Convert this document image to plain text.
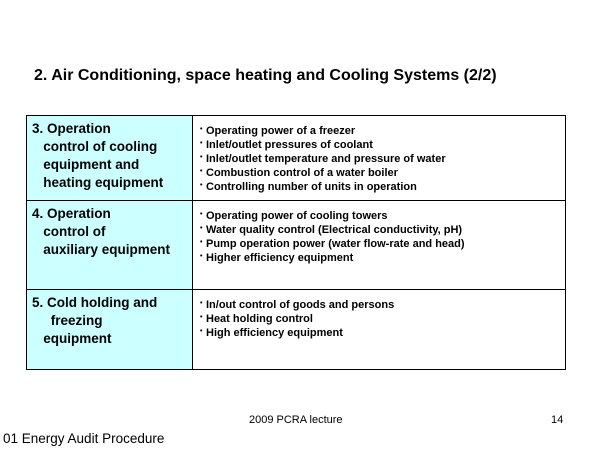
2. Air Conditioning, space heating and Cooling Systems (2/2)
3. Operation
control of cooling
equipment and
heating equipment
• Operating power of a freezer
• Inlet/outlet pressures of coolant
• Inlet/outlet temperature and pressure of water
• Combustion control of a water boiler
• Controlling number of units in operation
4. Operation
control of
auxiliary equipment
• Operating power of cooling towers
• Water quality control (Electrical conductivity, pH)
• Pump operation power (water flow-rate and head)
• Higher efficiency equipment
5. Cold holding and
freezing
equipment
• In/out control of goods and persons
• Heat holding control
• High efficiency equipment
2009 PCRA lecture	14
01 Energy Audit Procedure
